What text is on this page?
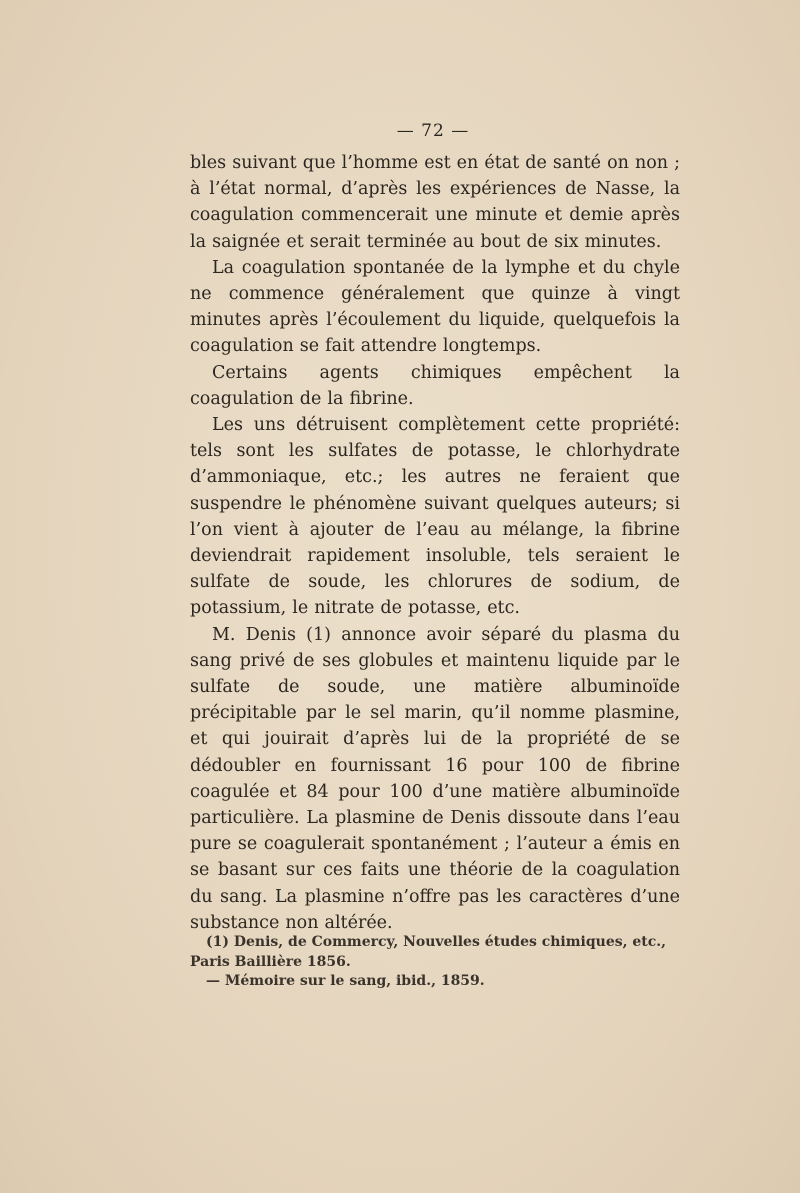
— 72 —

bles suivant que l’homme est en état de santé on non ; à l’état normal, d’après les expériences de Nasse, la coagulation commencerait une minute et demie après la saignée et serait terminée au bout de six minutes.

La coagulation spontanée de la lymphe et du chyle ne commence généralement que quinze à vingt minutes après l’écoulement du liquide, quelquefois la coagulation se fait attendre longtemps.

Certains agents chimiques empêchent la coagulation de la fibrine.

Les uns détruisent complètement cette propriété: tels sont les sulfates de potasse, le chlorhydrate d’ammoniaque, etc.; les autres ne feraient que suspendre le phénomène suivant quelques auteurs; si l’on vient à ajouter de l’eau au mélange, la fibrine deviendrait rapidement insoluble, tels seraient le sulfate de soude, les chlorures de sodium, de potassium, le nitrate de potasse, etc.

M. Denis (1) annonce avoir séparé du plasma du sang privé de ses globules et maintenu liquide par le sulfate de soude, une matière albuminoïde précipitable par le sel marin, qu’il nomme plasmine, et qui jouirait d’après lui de la propriété de se dédoubler en fournissant 16 pour 100 de fibrine coagulée et 84 pour 100 d’une matière albuminoïde particulière. La plasmine de Denis dissoute dans l’eau pure se coagulerait spontanément ; l’auteur a émis en se basant sur ces faits une théorie de la coagulation du sang. La plasmine n’offre pas les caractères d’une substance non altérée.

(1) Denis, de Commercy, Nouvelles études chimiques, etc., Paris Baillière 1856.
— Mémoire sur le sang, ibid., 1859.
